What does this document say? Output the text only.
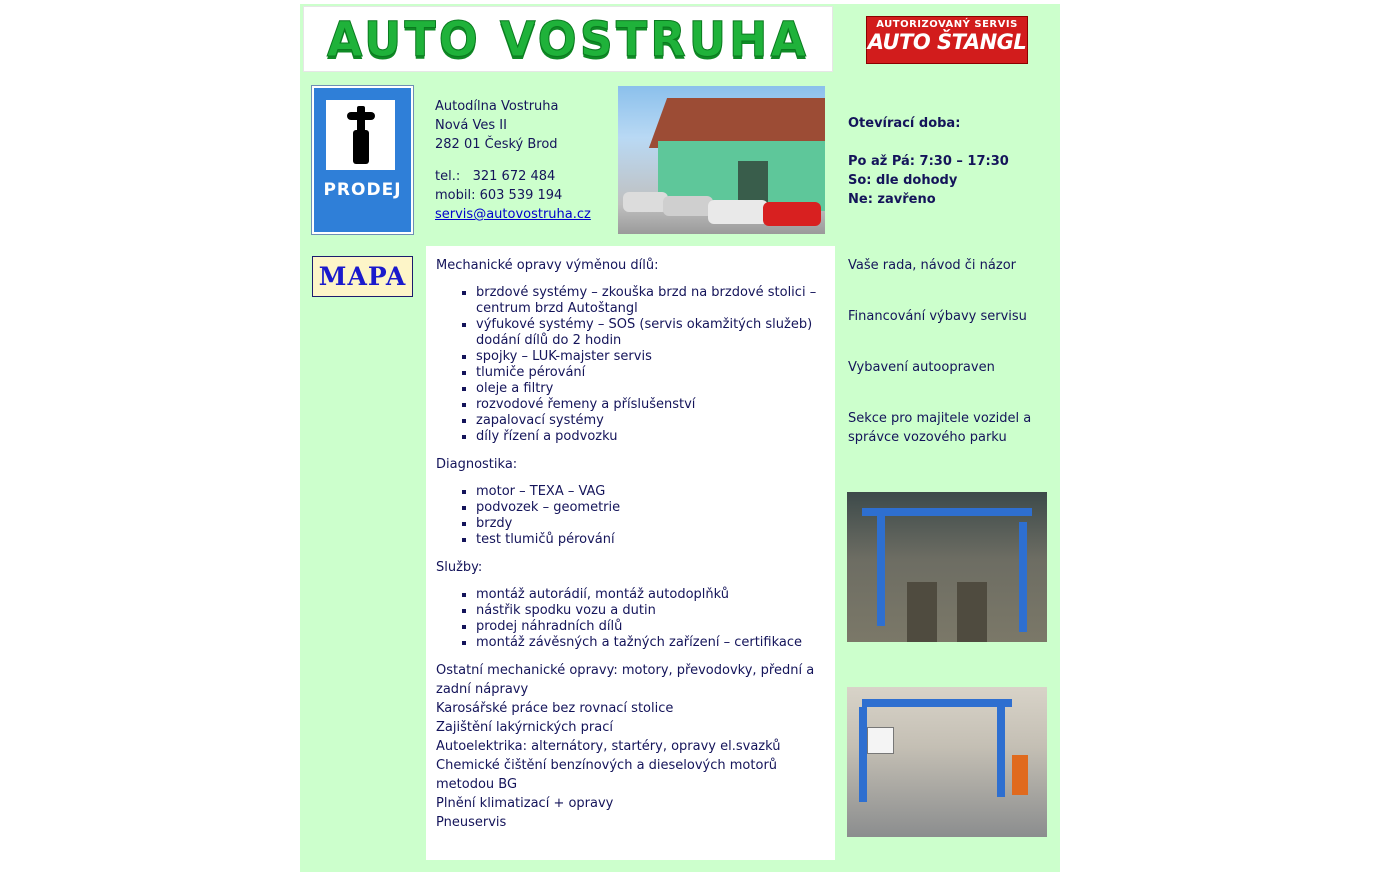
AUTO VOSTRUHA	AUTORIZOVANÝ SERVIS
AUTO ŠTANGL
PRODEJ
Autodílna Vostruha
Nová Ves II
282 01 Český Brod
tel.:   321 672 484
mobil: 603 539 194
servis@autovostruha.cz
Otevírací doba:
Po až Pá: 7:30 – 17:30
So: dle dohody
Ne: zavřeno
MAPA Mechanické opravy výměnou dílů:

▪ brzdové systémy – zkouška brzd na brzdové stolici – centrum brzd Autoštangl
▪ výfukové systémy – SOS (servis okamžitých služeb) dodání dílů do 2 hodin
▪ spojky – LUK-majster servis
▪ tlumiče pérování
▪ oleje a filtry
▪ rozvodové řemeny a příslušenství
▪ zapalovací systémy
▪ díly řízení a podvozku

Diagnostika:

▪ motor – TEXA – VAG
▪ podvozek – geometrie
▪ brzdy
▪ test tlumičů pérování

Služby:

▪ montáž autorádií, montáž autodoplňků
▪ nástřik spodku vozu a dutin
▪ prodej náhradních dílů
▪ montáž závěsných a tažných zařízení – certifikace

Ostatní mechanické opravy: motory, převodovky, přední a zadní nápravy

Karosářské práce bez rovnací stolice

Zajištění lakýrnických prací

Autoelektrika: alternátory, startéry, opravy el.svazků

Chemické čištění benzínových a dieselových motorů metodou BG

Plnění klimatizací + opravy

Pneuservis

Vaše rada, návod či názor
Financování výbavy servisu
Vybavení autoopraven
Sekce pro majitele vozidel a správce vozového parku
